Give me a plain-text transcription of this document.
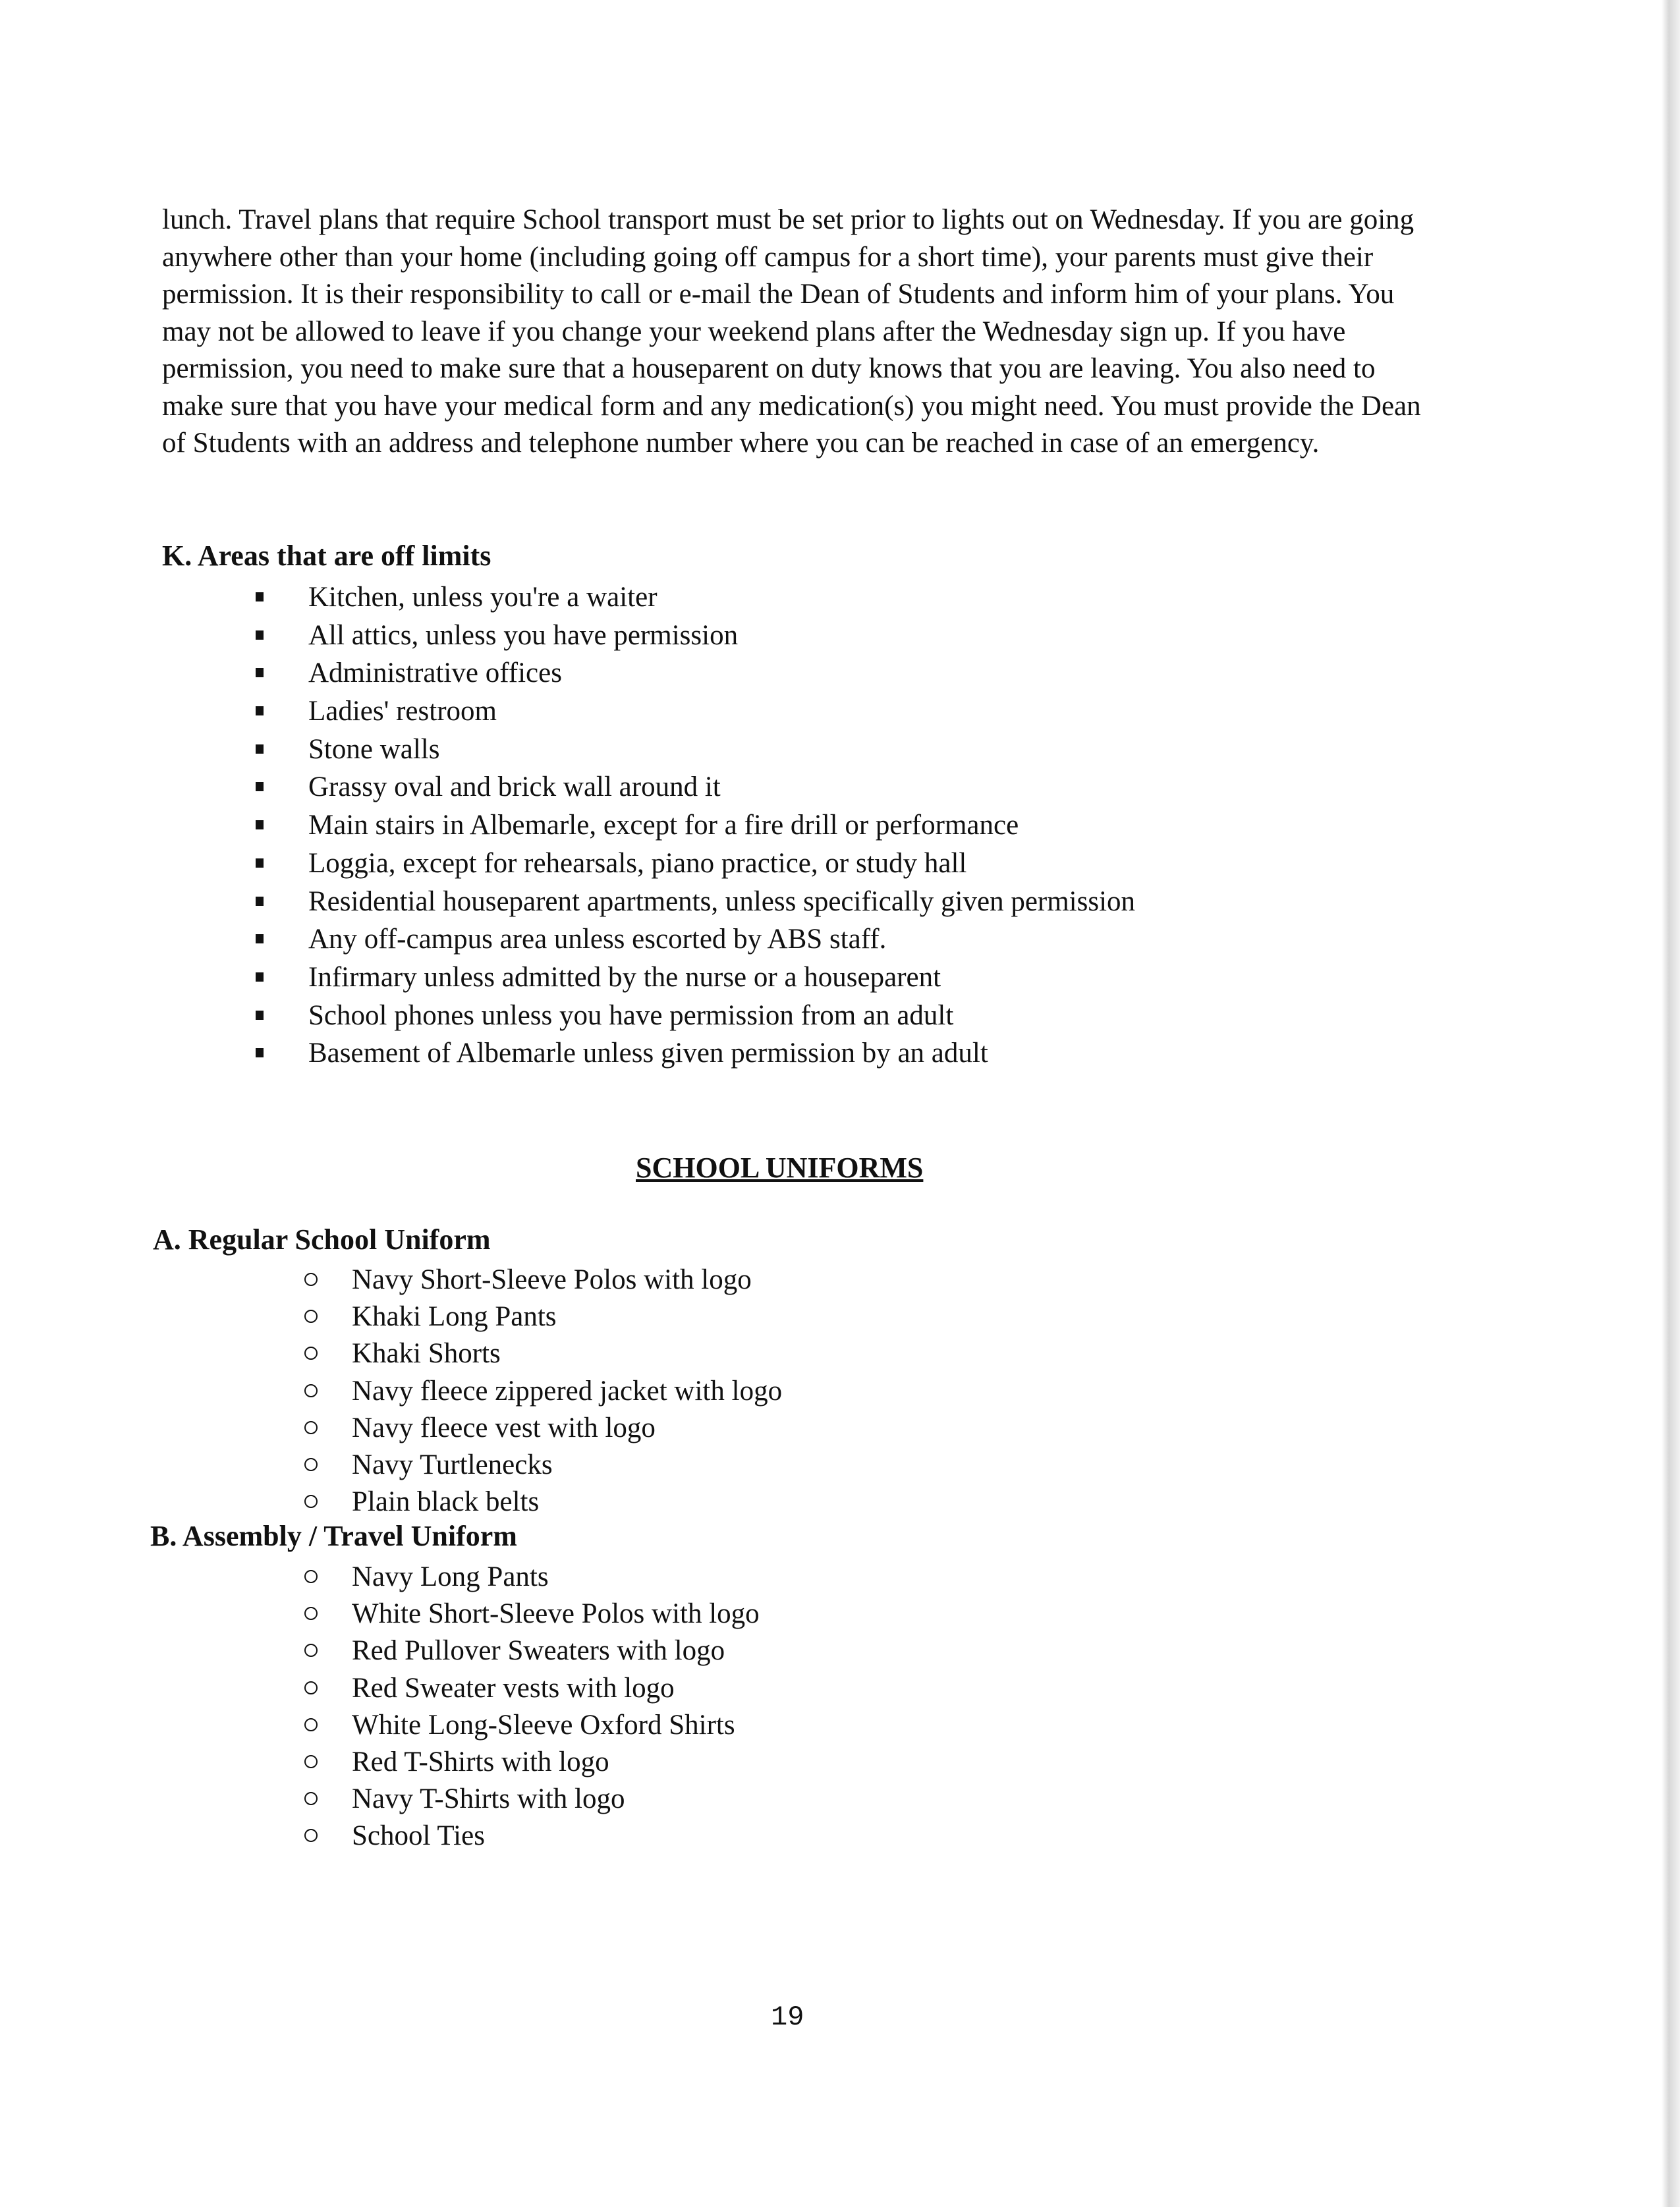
lunch. Travel plans that require School transport must be set prior to lights out on Wednesday. If you are going anywhere other than your home (including going off campus for a short time), your parents must give their permission. It is their responsibility to call or e-mail the Dean of Students and inform him of your plans. You may not be allowed to leave if you change your weekend plans after the Wednesday sign up. If you have permission, you need to make sure that a houseparent on duty knows that you are leaving. You also need to make sure that you have your medical form and any medication(s) you might need. You must provide the Dean of Students with an address and telephone number where you can be reached in case of an emergency.

K. Areas that are off limits
Kitchen, unless you're a waiter
All attics, unless you have permission
Administrative offices
Ladies' restroom
Stone walls
Grassy oval and brick wall around it
Main stairs in Albemarle, except for a fire drill or performance
Loggia, except for rehearsals, piano practice, or study hall
Residential houseparent apartments, unless specifically given permission
Any off-campus area unless escorted by ABS staff.
Infirmary unless admitted by the nurse or a houseparent
School phones unless you have permission from an adult
Basement of Albemarle unless given permission by an adult
SCHOOL UNIFORMS
A. Regular School Uniform
Navy Short-Sleeve Polos with logo
Khaki Long Pants
Khaki Shorts
Navy fleece zippered jacket with logo
Navy fleece vest with logo
Navy Turtlenecks
Plain black belts
B. Assembly / Travel Uniform
Navy Long Pants
White Short-Sleeve Polos with logo
Red Pullover Sweaters with logo
Red Sweater vests with logo
White Long-Sleeve Oxford Shirts
Red T-Shirts with logo
Navy T-Shirts with logo
School Ties

19
